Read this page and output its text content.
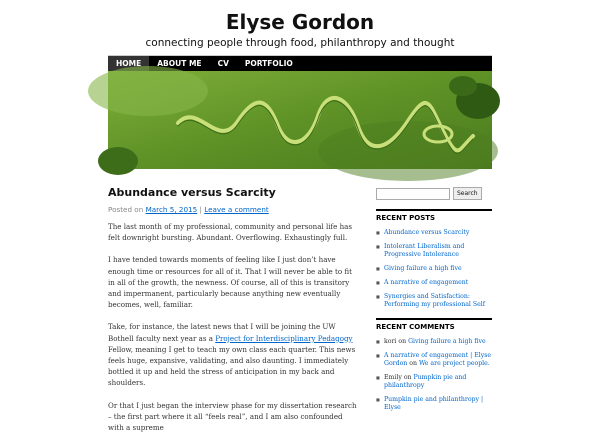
Elyse Gordon
connecting people through food, philanthropy and thought
HOME	ABOUT ME	CV	PORTFOLIO
Abundance versus Scarcity
Posted on March 5, 2015 | Leave a comment

The last month of my professional, community and personal life has felt downright bursting. Abundant. Overflowing. Exhaustingly full.

I have tended towards moments of feeling like I just don’t have enough time or resources for all of it. That I will never be able to fit in all of the growth, the newness. Of course, all of this is transitory and impermanent, particularly because anything new eventually becomes, well, familiar.

Take, for instance, the latest news that I will be joining the UW Bothell faculty next year as a Project for Interdisciplinary Pedagogy Fellow, meaning I get to teach my own class each quarter. This news feels huge, expansive, validating, and also daunting. I immediately bottled it up and held the stress of anticipation in my back and shoulders.

Or that I just began the interview phase for my dissertation research – the first part where it all “feels real”, and I am also confounded with a supreme

Search
RECENT POSTS
■ Abundance versus Scarcity
■ Intolerant Liberalism and Progressive Intolerance
■ Giving failure a high five
■ A narrative of engagement
■ Synergies and Satisfaction: Performing my professional Self
RECENT COMMENTS
■ kori on Giving failure a high five
■ A narrative of engagement | Elyse Gordon on We are project people.
■ Emily on Pumpkin pie and philanthropy
■ Pumpkin pie and philanthropy | Elyse
